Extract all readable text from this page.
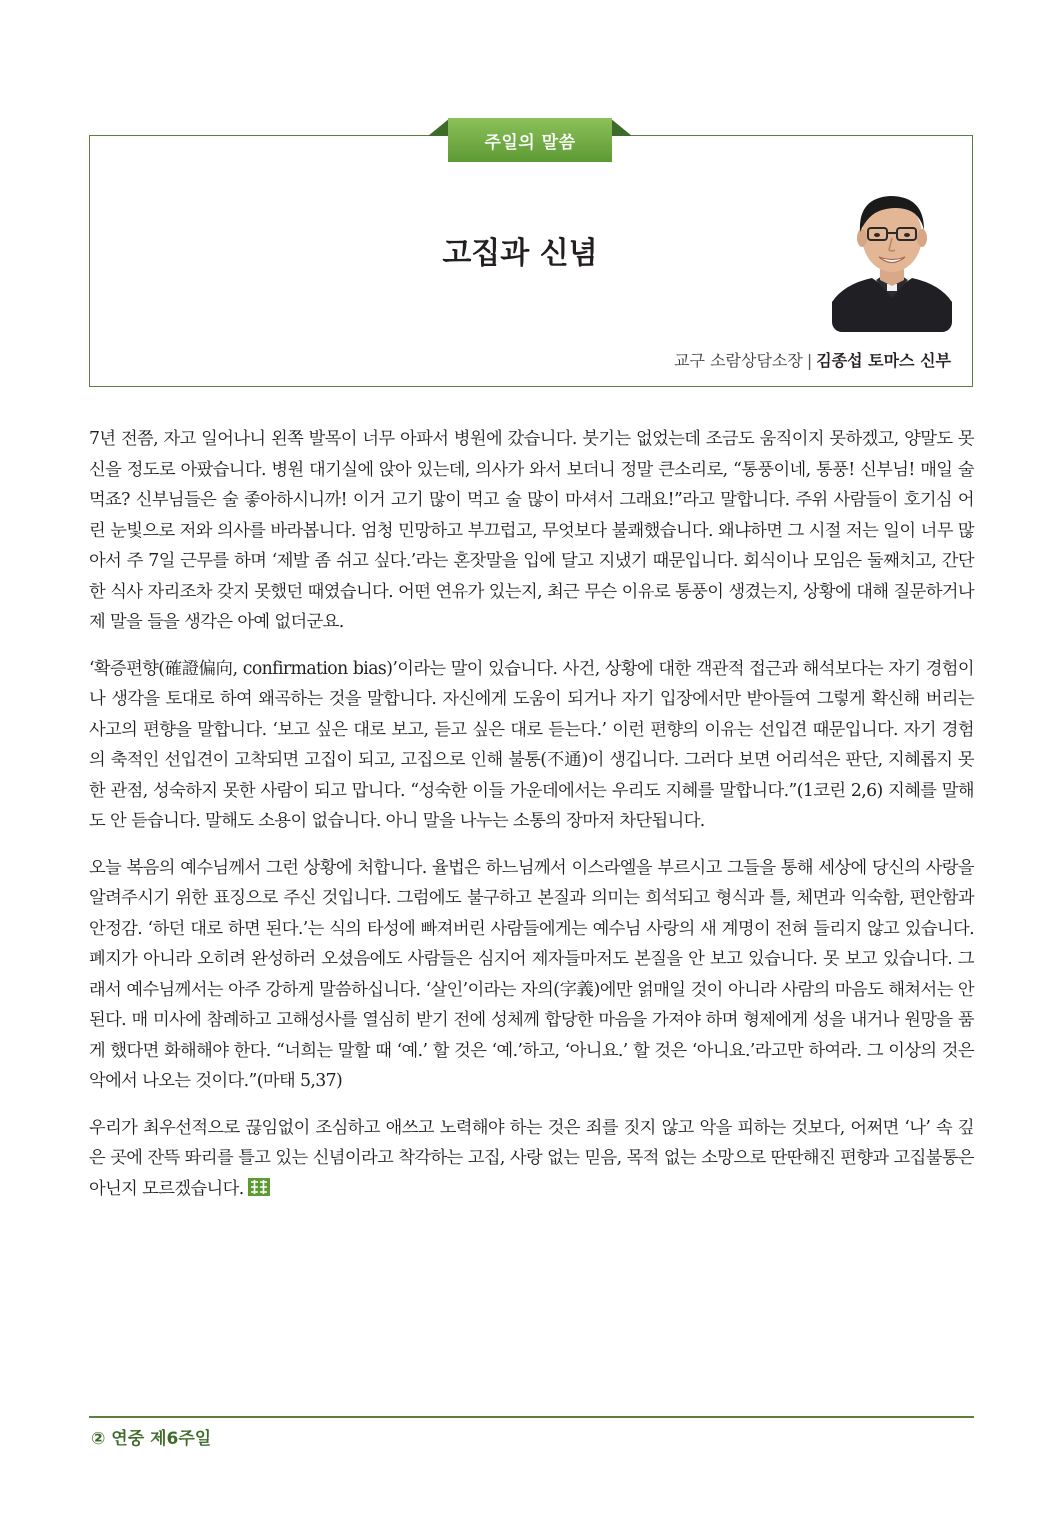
주일의 말씀
고집과 신념
교구 소람상담소장 | 김종섭 토마스 신부

7년 전쯤, 자고 일어나니 왼쪽 발목이 너무 아파서 병원에 갔습니다. 붓기는 없었는데 조금도 움직이지 못하겠고, 양말도 못 신을 정도로 아팠습니다. 병원 대기실에 앉아 있는데, 의사가 와서 보더니 정말 큰소리로, “통풍이네, 통풍! 신부님! 매일 술 먹죠? 신부님들은 술 좋아하시니까! 이거 고기 많이 먹고 술 많이 마셔서 그래요!”라고 말합니다. 주위 사람들이 호기심 어린 눈빛으로 저와 의사를 바라봅니다. 엄청 민망하고 부끄럽고, 무엇보다 불쾌했습니다. 왜냐하면 그 시절 저는 일이 너무 많아서 주 7일 근무를 하며 ‘제발 좀 쉬고 싶다.’라는 혼잣말을 입에 달고 지냈기 때문입니다. 회식이나 모임은 둘째치고, 간단한 식사 자리조차 갖지 못했던 때였습니다. 어떤 연유가 있는지, 최근 무슨 이유로 통풍이 생겼는지, 상황에 대해 질문하거나 제 말을 들을 생각은 아예 없더군요.

‘확증편향(確證偏向, confirmation bias)’이라는 말이 있습니다. 사건, 상황에 대한 객관적 접근과 해석보다는 자기 경험이나 생각을 토대로 하여 왜곡하는 것을 말합니다. 자신에게 도움이 되거나 자기 입장에서만 받아들여 그렇게 확신해 버리는 사고의 편향을 말합니다. ‘보고 싶은 대로 보고, 듣고 싶은 대로 듣는다.’ 이런 편향의 이유는 선입견 때문입니다. 자기 경험의 축적인 선입견이 고착되면 고집이 되고, 고집으로 인해 불통(不通)이 생깁니다. 그러다 보면 어리석은 판단, 지혜롭지 못한 관점, 성숙하지 못한 사람이 되고 맙니다. “성숙한 이들 가운데에서는 우리도 지혜를 말합니다.”(1코린 2,6) 지혜를 말해도 안 듣습니다. 말해도 소용이 없습니다. 아니 말을 나누는 소통의 장마저 차단됩니다.

오늘 복음의 예수님께서 그런 상황에 처합니다. 율법은 하느님께서 이스라엘을 부르시고 그들을 통해 세상에 당신의 사랑을 알려주시기 위한 표징으로 주신 것입니다. 그럼에도 불구하고 본질과 의미는 희석되고 형식과 틀, 체면과 익숙함, 편안함과 안정감. ‘하던 대로 하면 된다.’는 식의 타성에 빠져버린 사람들에게는 예수님 사랑의 새 계명이 전혀 들리지 않고 있습니다. 폐지가 아니라 오히려 완성하러 오셨음에도 사람들은 심지어 제자들마저도 본질을 안 보고 있습니다. 못 보고 있습니다. 그래서 예수님께서는 아주 강하게 말씀하십니다. ‘살인’이라는 자의(字義)에만 얽매일 것이 아니라 사람의 마음도 해쳐서는 안 된다. 매 미사에 참례하고 고해성사를 열심히 받기 전에 성체께 합당한 마음을 가져야 하며 형제에게 성을 내거나 원망을 품게 했다면 화해해야 한다. “너희는 말할 때 ‘예.’ 할 것은 ‘예.’하고, ‘아니요.’ 할 것은 ‘아니요.’라고만 하여라. 그 이상의 것은 악에서 나오는 것이다.”(마태 5,37)

우리가 최우선적으로 끊임없이 조심하고 애쓰고 노력해야 하는 것은 죄를 짓지 않고 악을 피하는 것보다, 어쩌면 ‘나’ 속 깊은 곳에 잔뜩 똬리를 틀고 있는 신념이라고 착각하는 고집, 사랑 없는 믿음, 목적 없는 소망으로 딴딴해진 편향과 고집불통은 아닌지 모르겠습니다.

② 연중 제6주일
